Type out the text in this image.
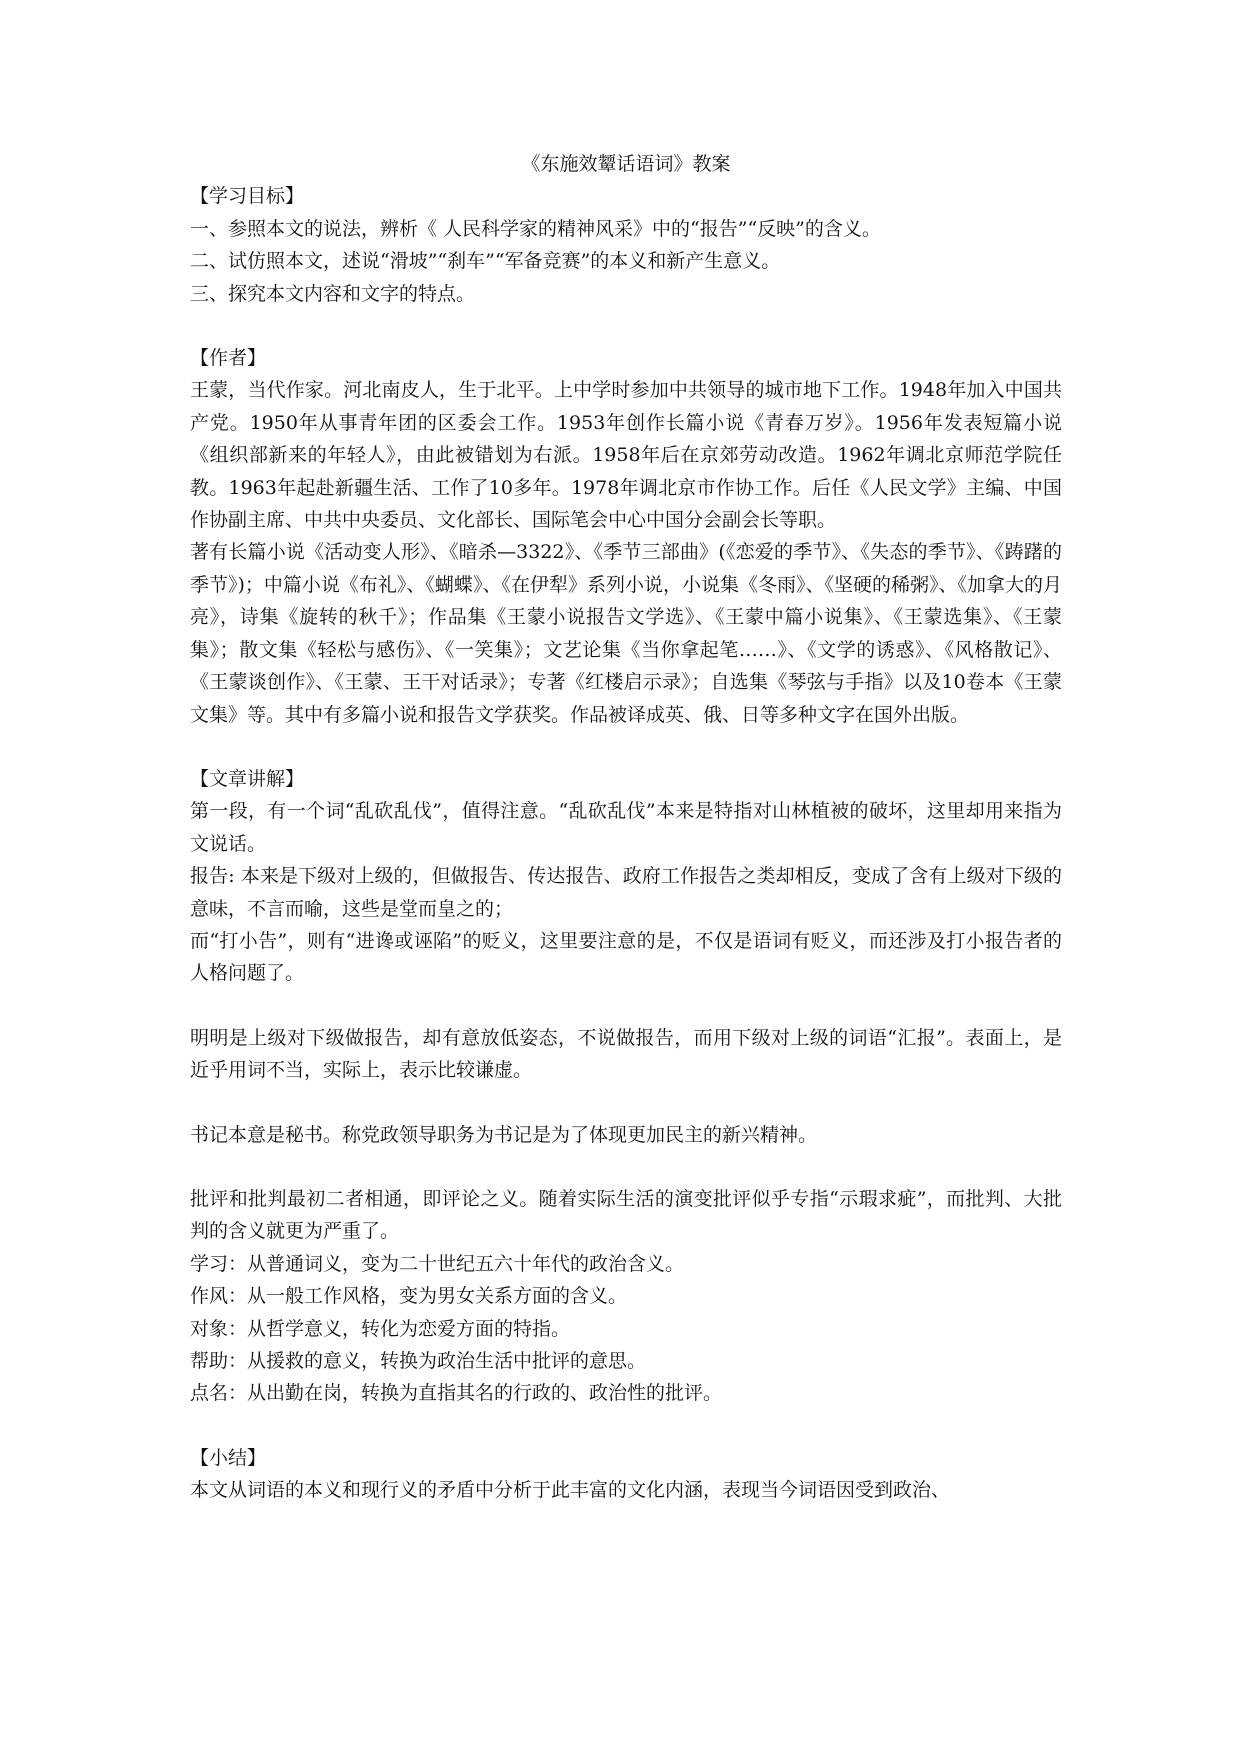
《东施效颦话语词》教案

【学习目标】

一、参照本文的说法，辨析《 人民科学家的精神风采》中的“报告”“反映”的含义。

二、试仿照本文，述说“滑坡”“刹车”“军备竞赛”的本义和新产生意义。

三、探究本文内容和文字的特点。

【作者】

王蒙，当代作家。河北南皮人，生于北平。上中学时参加中共领导的城市地下工作。1948年加入中国共产党。1950年从事青年团的区委会工作。1953年创作长篇小说《青春万岁》。1956年发表短篇小说《组织部新来的年轻人》，由此被错划为右派。1958年后在京郊劳动改造。1962年调北京师范学院任教。1963年起赴新疆生活、工作了10多年。1978年调北京市作协工作。后任《人民文学》主编、中国作协副主席、中共中央委员、文化部长、国际笔会中心中国分会副会长等职。

著有长篇小说《活动变人形》、《暗杀—3322》、《季节三部曲》(《恋爱的季节》、《失态的季节》、《踌躇的季节》)；中篇小说《布礼》、《蝴蝶》、《在伊犁》系列小说，小说集《冬雨》、《坚硬的稀粥》、《加拿大的月亮》，诗集《旋转的秋千》；作品集《王蒙小说报告文学选》、《王蒙中篇小说集》、《王蒙选集》、《王蒙集》；散文集《轻松与感伤》、《一笑集》；文艺论集《当你拿起笔……》、《文学的诱惑》、《风格散记》、《王蒙谈创作》、《王蒙、王干对话录》；专著《红楼启示录》；自选集《琴弦与手指》以及10卷本《王蒙文集》等。其中有多篇小说和报告文学获奖。作品被译成英、俄、日等多种文字在国外出版。

【文章讲解】

第一段，有一个词“乱砍乱伐”，值得注意。“乱砍乱伐”本来是特指对山林植被的破坏，这里却用来指为文说话。

报告: 本来是下级对上级的，但做报告、传达报告、政府工作报告之类却相反，变成了含有上级对下级的意味，不言而喻，这些是堂而皇之的；

而“打小告”，则有“进谗或诬陷”的贬义，这里要注意的是，不仅是语词有贬义，而还涉及打小报告者的人格问题了。

明明是上级对下级做报告，却有意放低姿态，不说做报告，而用下级对上级的词语“汇报”。表面上，是近乎用词不当，实际上，表示比较谦虚。

书记本意是秘书。称党政领导职务为书记是为了体现更加民主的新兴精神。

批评和批判最初二者相通，即评论之义。随着实际生活的演变批评似乎专指“示瑕求疵”，而批判、大批判的含义就更为严重了。

学习：从普通词义，变为二十世纪五六十年代的政治含义。

作风：从一般工作风格，变为男女关系方面的含义。

对象：从哲学意义，转化为恋爱方面的特指。

帮助：从援救的意义，转换为政治生活中批评的意思。

点名：从出勤在岗，转换为直指其名的行政的、政治性的批评。

【小结】

本文从词语的本义和现行义的矛盾中分析于此丰富的文化内涵，表现当今词语因受到政治、
